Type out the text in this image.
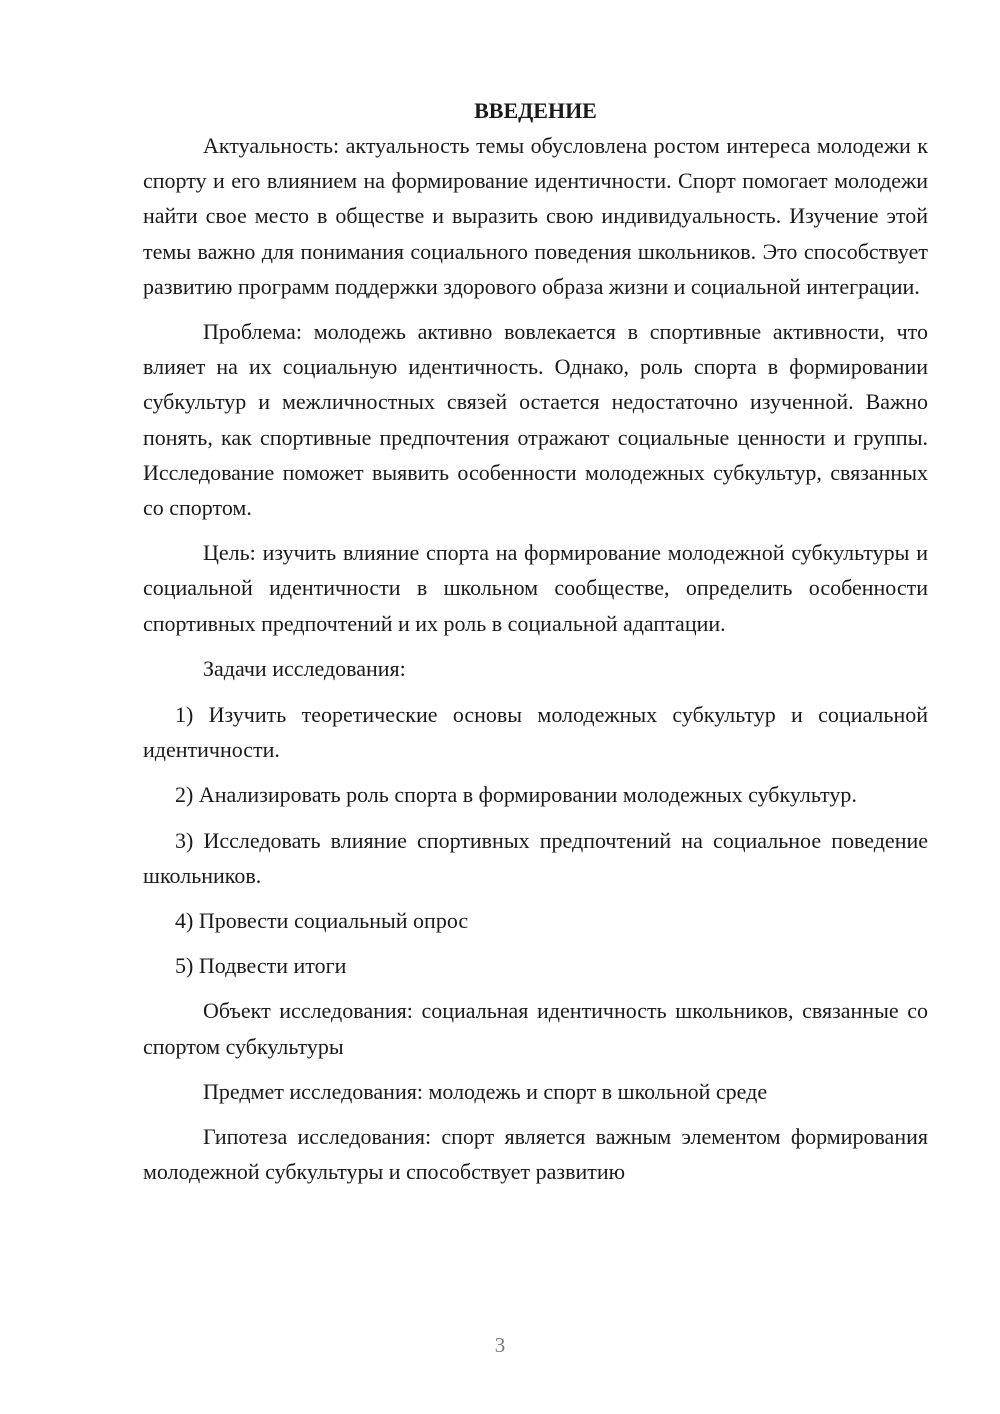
ВВЕДЕНИЕ

Актуальность: актуальность темы обусловлена ростом интереса молодежи к спорту и его влиянием на формирование идентичности. Спорт помогает молодежи найти свое место в обществе и выразить свою индивидуальность. Изучение этой темы важно для понимания социального поведения школьников. Это способствует развитию программ поддержки здорового образа жизни и социальной интеграции.

Проблема: молодежь активно вовлекается в спортивные активности, что влияет на их социальную идентичность. Однако, роль спорта в формировании субкультур и межличностных связей остается недостаточно изученной. Важно понять, как спортивные предпочтения отражают социальные ценности и группы. Исследование поможет выявить особенности молодежных субкультур, связанных со спортом.

Цель: изучить влияние спорта на формирование молодежной субкультуры и социальной идентичности в школьном сообществе, определить особенности спортивных предпочтений и их роль в социальной адаптации.

Задачи исследования:

1) Изучить теоретические основы молодежных субкультур и социальной идентичности.

2) Анализировать роль спорта в формировании молодежных субкультур.

3) Исследовать влияние спортивных предпочтений на социальное поведение школьников.

4) Провести социальный опрос

5) Подвести итоги

Объект исследования: социальная идентичность школьников, связанные со спортом субкультуры

Предмет исследования: молодежь и спорт в школьной среде

Гипотеза исследования: спорт является важным элементом формирования молодежной субкультуры и способствует развитию

3
